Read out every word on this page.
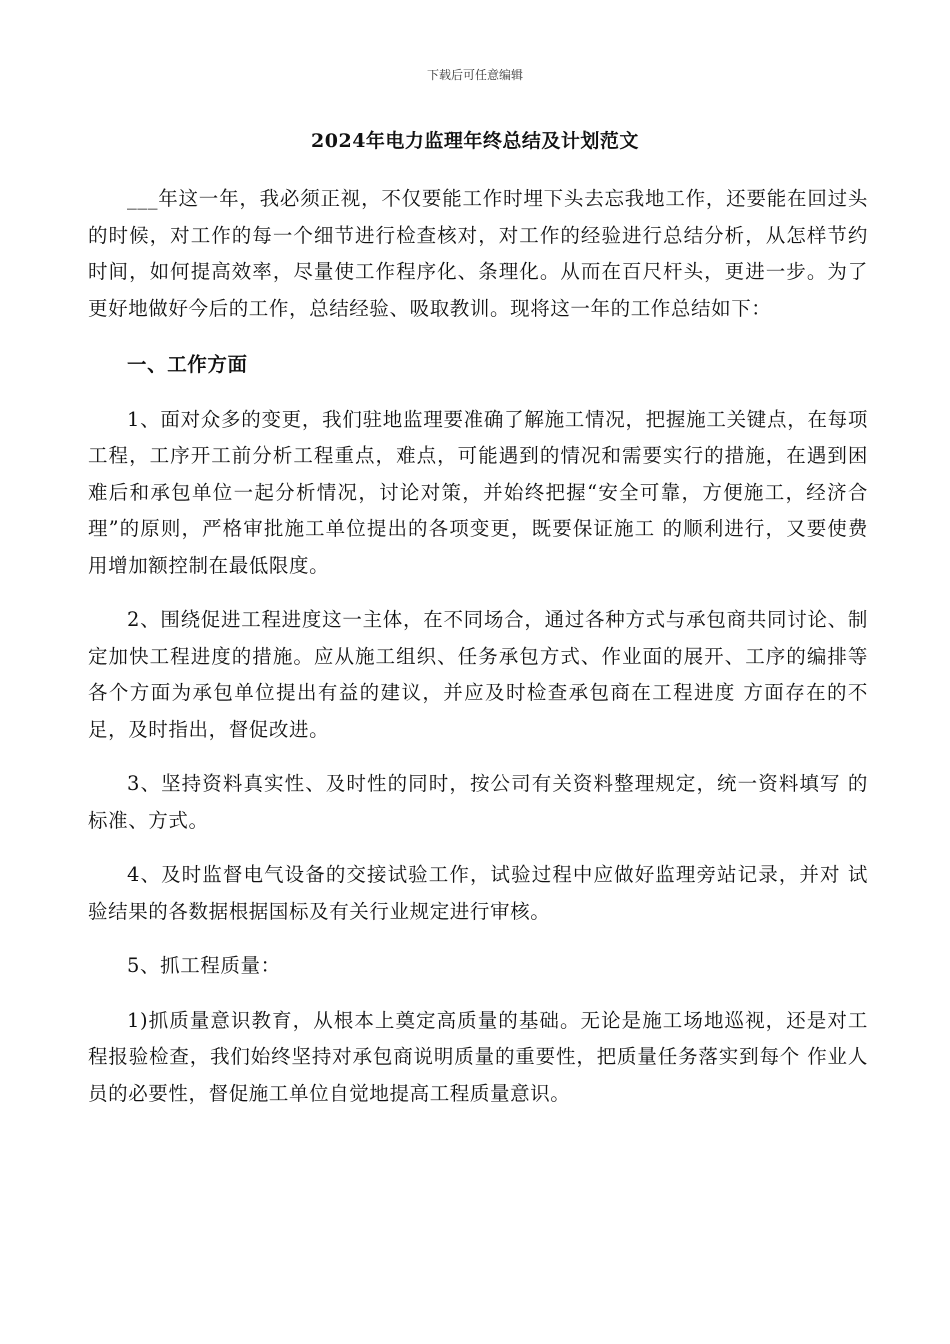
下载后可任意编辑
2024年电力监理年终总结及计划范文

___年这一年，我必须正视，不仅要能工作时埋下头去忘我地工作，还要能在回过头的时候，对工作的每一个细节进行检查核对，对工作的经验进行总结分析，从怎样节约时间，如何提高效率，尽量使工作程序化、条理化。从而在百尺杆头，更进一步。为了更好地做好今后的工作，总结经验、吸取教训。现将这一年的工作总结如下：

一、工作方面

1、面对众多的变更，我们驻地监理要准确了解施工情况，把握施工关键点，在每项工程，工序开工前分析工程重点，难点，可能遇到的情况和需要实行的措施，在遇到困难后和承包单位一起分析情况，讨论对策，并始终把握“安全可靠，方便施工，经济合理”的原则，严格审批施工单位提出的各项变更，既要保证施工 的顺利进行，又要使费用增加额控制在最低限度。

2、围绕促进工程进度这一主体，在不同场合，通过各种方式与承包商共同讨论、制定加快工程进度的措施。应从施工组织、任务承包方式、作业面的展开、工序的编排等各个方面为承包单位提出有益的建议，并应及时检查承包商在工程进度 方面存在的不足，及时指出，督促改进。

3、坚持资料真实性、及时性的同时，按公司有关资料整理规定，统一资料填写 的标准、方式。

4、及时监督电气设备的交接试验工作，试验过程中应做好监理旁站记录，并对 试验结果的各数据根据国标及有关行业规定进行审核。

5、抓工程质量：

1)抓质量意识教育，从根本上奠定高质量的基础。无论是施工场地巡视，还是对工程报验检查，我们始终坚持对承包商说明质量的重要性，把质量任务落实到每个 作业人员的必要性，督促施工单位自觉地提高工程质量意识。
